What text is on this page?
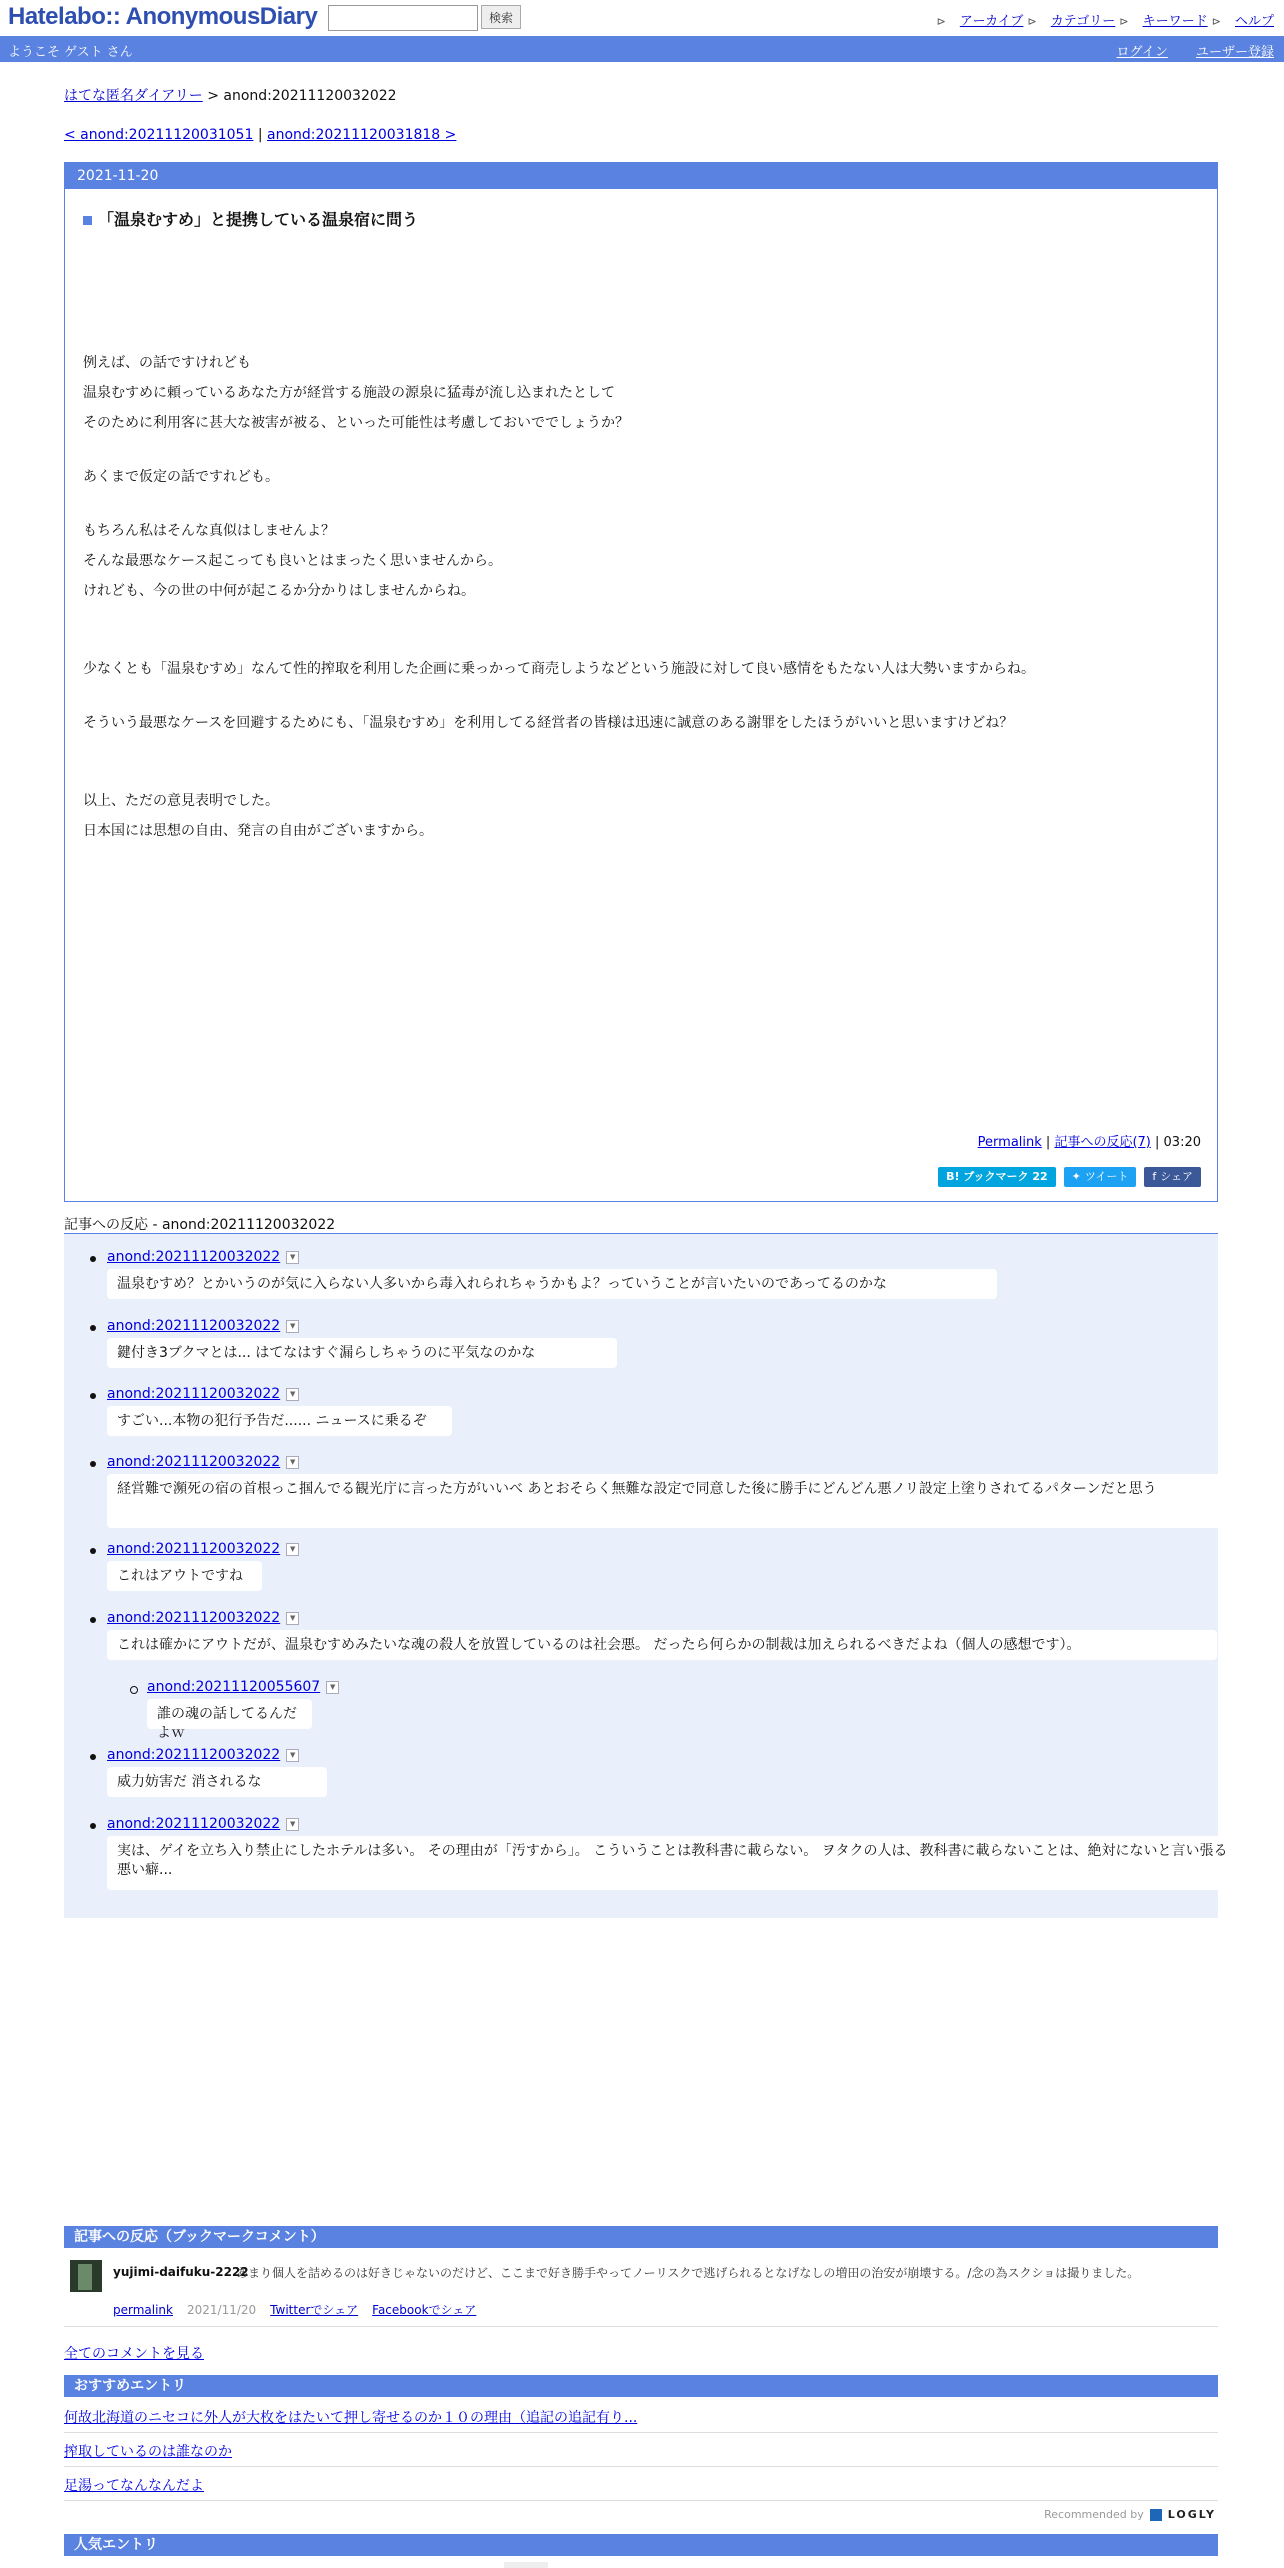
Hatelabo:: AnonymousDiary	検索	⊳ アーカイブ ⊳ カテゴリー ⊳ キーワード ⊳ ヘルプ
ようこそ ゲスト さん	ログイン ユーザー登録
はてな匿名ダイアリー > anond:20211120032022
< anond:20211120031051 | anond:20211120031818 >
2021-11-20
「温泉むすめ」と提携している温泉宿に問う
例えば、の話ですけれども
温泉むすめに頼っているあなた方が経営する施設の源泉に猛毒が流し込まれたとして
そのために利用客に甚大な被害が被る、といった可能性は考慮しておいででしょうか？

あくまで仮定の話ですれども。

もちろん私はそんな真似はしませんよ？
そんな最悪なケース起こっても良いとはまったく思いませんから。
けれども、今の世の中何が起こるか分かりはしませんからね。

少なくとも「温泉むすめ」なんて性的搾取を利用した企画に乗っかって商売しようなどという施設に対して良い感情をもたない人は大勢いますからね。

そういう最悪なケースを回避するためにも、「温泉むすめ」を利用してる経営者の皆様は迅速に誠意のある謝罪をしたほうがいいと思いますけどね？

以上、ただの意見表明でした。
日本国には思想の自由、発言の自由がございますから。
Permalink | 記事への反応(7) | 03:20
B! ブックマーク 22	✦ ツイート	f シェア
記事への反応 - anond:20211120032022
anond:20211120032022 ▼
温泉むすめ？とかいうのが気に入らない人多いから毒入れられちゃうかもよ？っていうことが言いたいのであってるのかな
anond:20211120032022 ▼
鍵付き3ブクマとは... はてなはすぐ漏らしちゃうのに平気なのかな
anond:20211120032022 ▼
すごい...本物の犯行予告だ...... ニュースに乗るぞ
anond:20211120032022 ▼
経営難で瀕死の宿の首根っこ掴んでる観光庁に言った方がいいべ あとおそらく無難な設定で同意した後に勝手にどんどん悪ノリ設定上塗りされてるパターンだと思う
anond:20211120032022 ▼
これはアウトですね
anond:20211120032022 ▼
これは確かにアウトだが、温泉むすめみたいな魂の殺人を放置しているのは社会悪。 だったら何らかの制裁は加えられるべきだよね（個人の感想です）。
anond:20211120055607 ▼
誰の魂の話してるんだよｗ
anond:20211120032022 ▼
威力妨害だ 消されるな
anond:20211120032022 ▼
実は、ゲイを立ち入り禁止にしたホテルは多い。 その理由が「汚すから」。 こういうことは教科書に載らない。 ヲタクの人は、教科書に載らないことは、絶対にないと言い張る悪い癖...
記事への反応（ブックマークコメント）
yujimi-daifuku-2222
あまり個人を詰めるのは好きじゃないのだけど、ここまで好き勝手やってノーリスクで逃げられるとなげなしの増田の治安が崩壊する。/念の為スクショは撮りました。
permalink 2021/11/20 Twitterでシェア Facebookでシェア
全てのコメントを見る
おすすめエントリ
何故北海道のニセコに外人が大枚をはたいて押し寄せるのか１０の理由（追記の追記有り...
搾取しているのは誰なのか
足湯ってなんなんだよ
Recommended by LOGLY
人気エントリ
